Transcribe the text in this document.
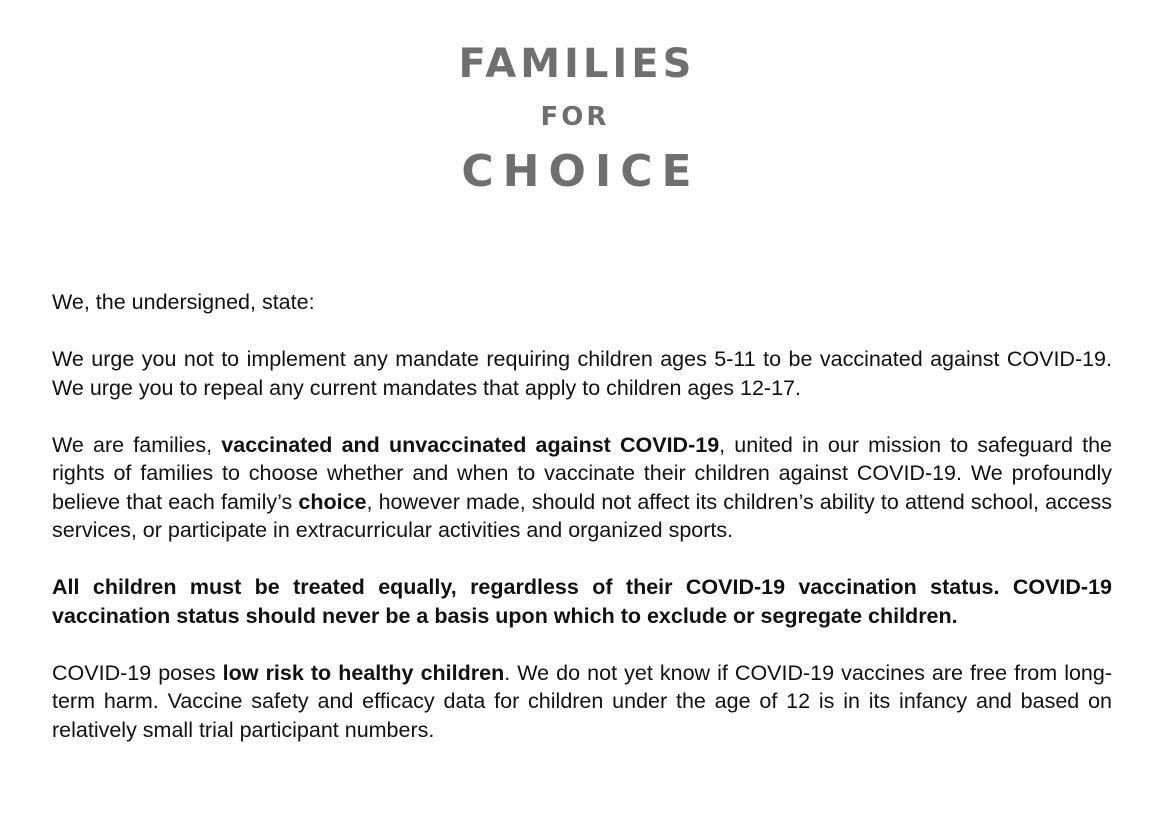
FAMILIES
FOR
CHOICE

We, the undersigned, state:

We urge you not to implement any mandate requiring children ages 5-11 to be vaccinated against COVID-19. We urge you to repeal any current mandates that apply to children ages 12-17.

We are families, vaccinated and unvaccinated against COVID-19, united in our mission to safeguard the rights of families to choose whether and when to vaccinate their children against COVID-19. We profoundly believe that each family’s choice, however made, should not affect its children’s ability to attend school, access services, or participate in extracurricular activities and organized sports.

All children must be treated equally, regardless of their COVID-19 vaccination status. COVID-19 vaccination status should never be a basis upon which to exclude or segregate children.

COVID-19 poses low risk to healthy children. We do not yet know if COVID-19 vaccines are free from long-term harm. Vaccine safety and efficacy data for children under the age of 12 is in its infancy and based on relatively small trial participant numbers.
